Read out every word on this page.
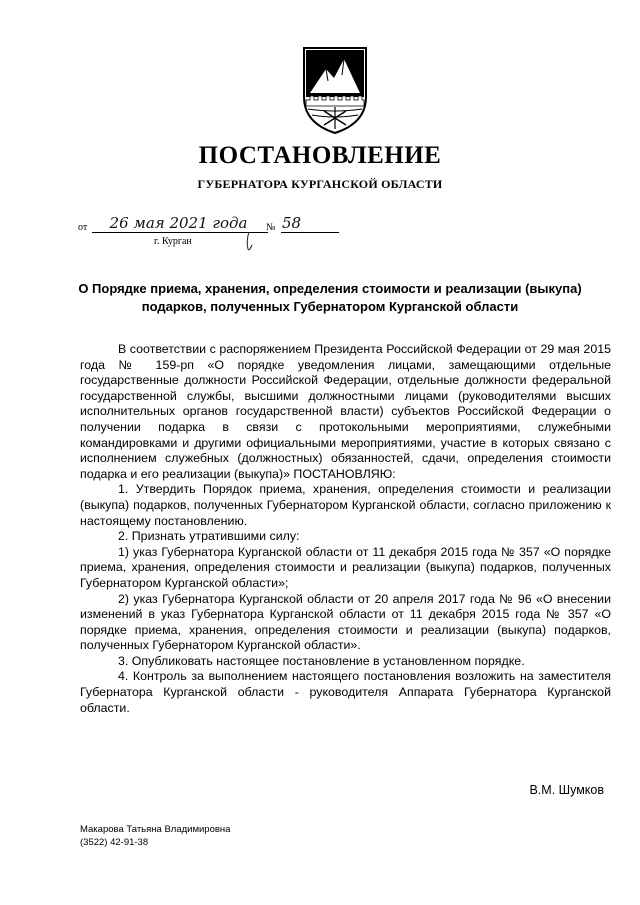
ПОСТАНОВЛЕНИЕ
ГУБЕРНАТОРА КУРГАНСКОЙ ОБЛАСТИ
от	26 мая 2021 года	№ 58
г. Курган
О Порядке приема, хранения, определения стоимости и реализации (выкупа) подарков, полученных Губернатором Курганской области

В соответствии с распоряжением Президента Российской Федерации от 29 мая 2015 года № 159-рп «О порядке уведомления лицами, замещающими отдельные государственные должности Российской Федерации, отдельные должности федеральной государственной службы, высшими должностными лицами (руководителями высших исполнительных органов государственной власти) субъектов Российской Федерации о получении подарка в связи с протокольными мероприятиями, служебными командировками и другими официальными мероприятиями, участие в которых связано с исполнением служебных (должностных) обязанностей, сдачи, определения стоимости подарка и его реализации (выкупа)» ПОСТАНОВЛЯЮ:

1. Утвердить Порядок приема, хранения, определения стоимости и реализации (выкупа) подарков, полученных Губернатором Курганской области, согласно приложению к настоящему постановлению.

2. Признать утратившими силу:

1) указ Губернатора Курганской области от 11 декабря 2015 года № 357 «О порядке приема, хранения, определения стоимости и реализации (выкупа) подарков, полученных Губернатором Курганской области»;

2) указ Губернатора Курганской области от 20 апреля 2017 года № 96 «О внесении изменений в указ Губернатора Курганской области от 11 декабря 2015 года № 357 «О порядке приема, хранения, определения стоимости и реализации (выкупа) подарков, полученных Губернатором Курганской области».

3. Опубликовать настоящее постановление в установленном порядке.

4. Контроль за выполнением настоящего постановления возложить на заместителя Губернатора Курганской области - руководителя Аппарата Губернатора Курганской области.

В.М. Шумков
Макарова Татьяна Владимировна
(3522) 42-91-38
